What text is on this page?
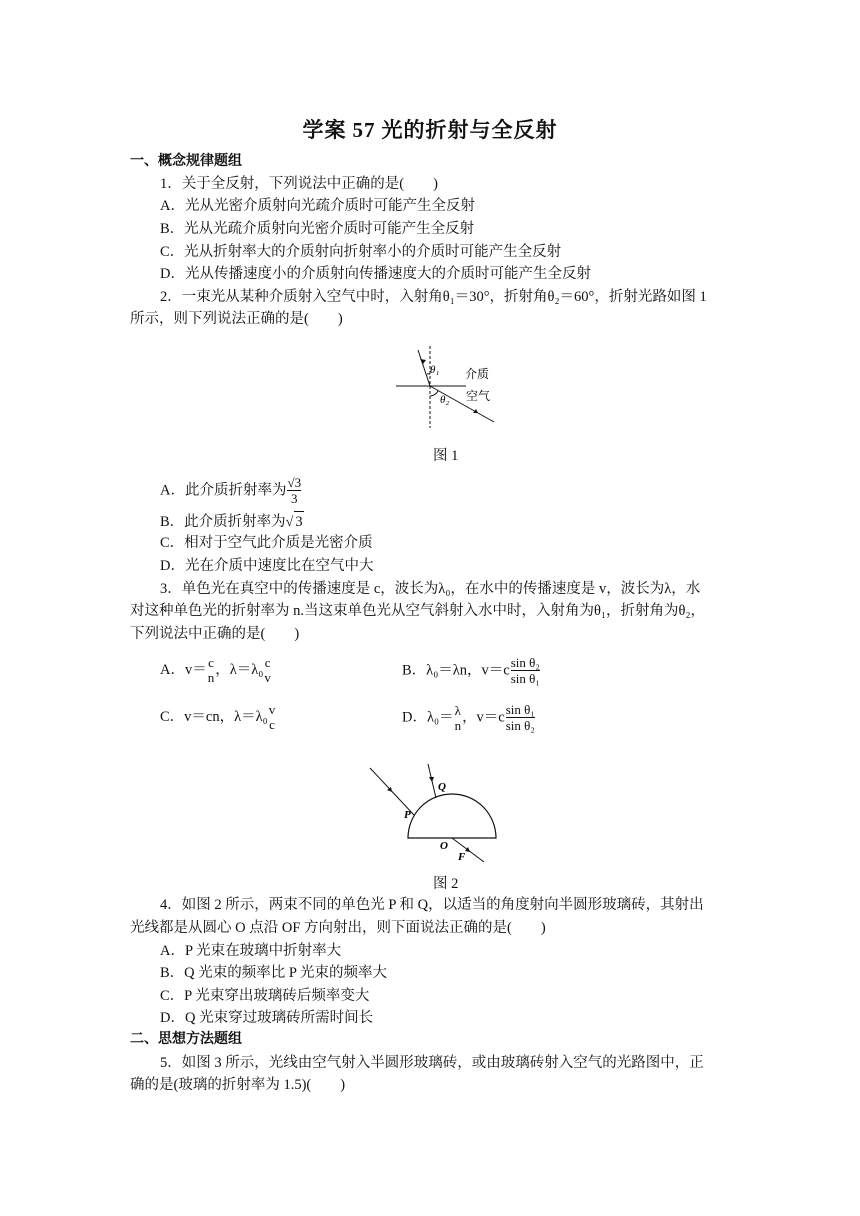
学案 57 光的折射与全反射
一、概念规律题组
1．关于全反射，下列说法中正确的是(　　)
A．光从光密介质射向光疏介质时可能产生全反射
B．光从光疏介质射向光密介质时可能产生全反射
C．光从折射率大的介质射向折射率小的介质时可能产生全反射
D．光从传播速度小的介质射向传播速度大的介质时可能产生全反射
2．一束光从某种介质射入空气中时，入射角θ₁＝30°，折射角θ₂＝60°，折射光路如图 1
所示，则下列说法正确的是(　　)
θ₁
θ₂
介质
空气
图 1
A．此介质折射率为 $\frac{√3}{3}$
B．此介质折射率为√ 3
C．相对于空气此介质是光密介质
D．光在介质中速度比在空气中大
3．单色光在真空中的传播速度是 c，波长为λ₀，在水中的传播速度是 v，波长为λ，水
对这种单色光的折射率为 n.当这束单色光从空气斜射入水中时，入射角为θ₁，折射角为θ₂，
下列说法中正确的是(　　)
A．v＝ c
n ，λ＝λ₀ c
v	B．λ₀＝λn，$v=c \frac{\text{sin θ₂}}{\text{sin θ₁}}$
C．v＝cn，λ＝λ₀ v
c	D．λ₀＝ λ
n ，$v=c \frac{\text{sin θ₁}}{\text{sin θ₂}}$
P
Q
O
F
图 2
4．如图 2 所示，两束不同的单色光 P 和 Q，以适当的角度射向半圆形玻璃砖，其射出
光线都是从圆心 O 点沿 OF 方向射出，则下面说法正确的是(　　)
A．P 光束在玻璃中折射率大
B．Q 光束的频率比 P 光束的频率大
C．P 光束穿出玻璃砖后频率变大
D．Q 光束穿过玻璃砖所需时间长
二、思想方法题组
5．如图 3 所示，光线由空气射入半圆形玻璃砖，或由玻璃砖射入空气的光路图中，正
确的是(玻璃的折射率为 1.5)(　　)
